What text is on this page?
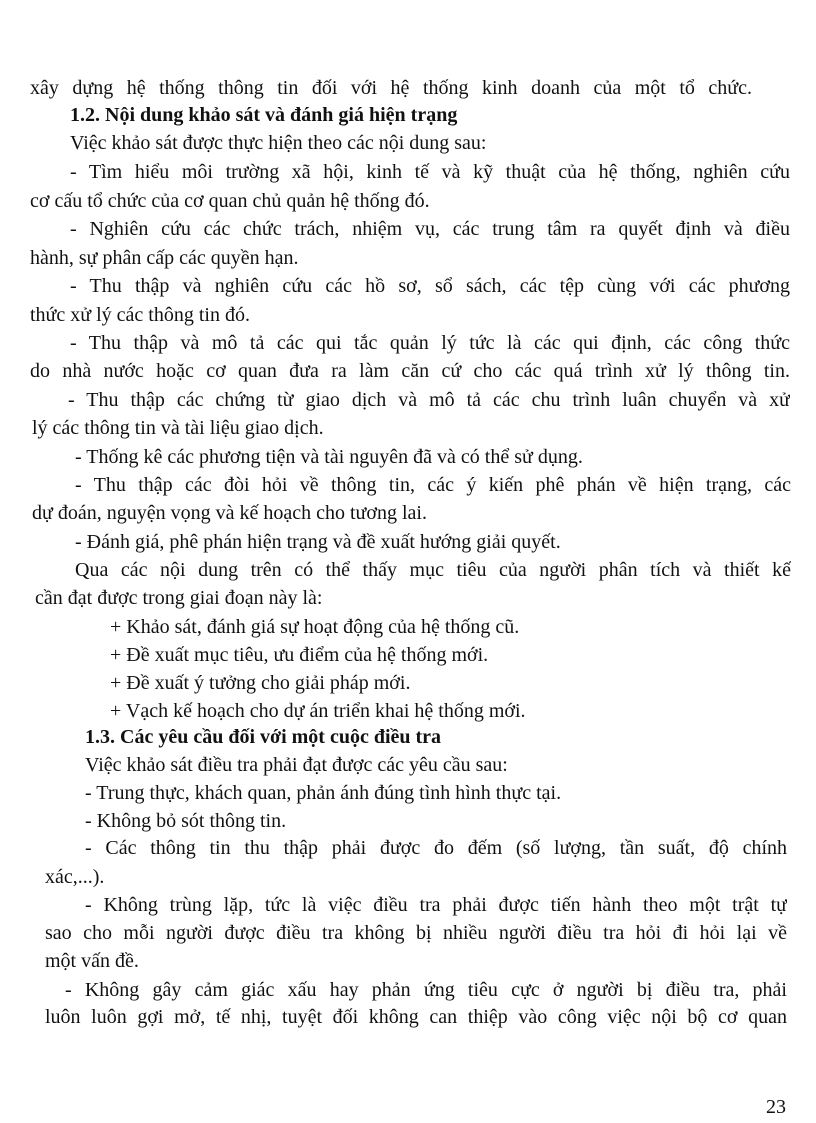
xây dựng hệ thống thông tin đối với hệ thống kinh doanh của một tổ chức.
1.2. Nội dung khảo sát và đánh giá hiện trạng
Việc khảo sát được thực hiện theo các nội dung sau:
- Tìm hiểu môi trường xã hội, kinh tế và kỹ thuật của hệ thống, nghiên cứu
cơ cấu tổ chức của cơ quan chủ quản hệ thống đó.
- Nghiên cứu các chức trách, nhiệm vụ, các trung tâm ra quyết định và điều
hành, sự phân cấp các quyền hạn.
- Thu thập và nghiên cứu các hồ sơ, sổ sách, các tệp cùng với các phương
thức xử lý các thông tin đó.
- Thu thập và mô tả các qui tắc quản lý tức là các qui định, các công thức
do nhà nước hoặc cơ quan đưa ra làm căn cứ cho các quá trình xử lý thông tin.
- Thu thập các chứng từ giao dịch và mô tả các chu trình luân chuyển và xử
lý các thông tin và tài liệu giao dịch.
- Thống kê các phương tiện và tài nguyên đã và có thể sử dụng.
- Thu thập các đòi hỏi về thông tin, các ý kiến phê phán về hiện trạng, các
dự đoán, nguyện vọng và kế hoạch cho tương lai.
- Đánh giá, phê phán hiện trạng và đề xuất hướng giải quyết.
Qua các nội dung trên có thể thấy mục tiêu của người phân tích và thiết kế
cần đạt được trong giai đoạn này là:
+ Khảo sát, đánh giá sự hoạt động của hệ thống cũ.
+ Đề xuất mục tiêu, ưu điểm của hệ thống mới.
+ Đề xuất ý tưởng cho giải pháp mới.
+ Vạch kế hoạch cho dự án triển khai hệ thống mới.
1.3. Các yêu cầu đối với một cuộc điều tra
Việc khảo sát điều tra phải đạt được các yêu cầu sau:
- Trung thực, khách quan, phản ánh đúng tình hình thực tại.
- Không bỏ sót thông tin.
- Các thông tin thu thập phải được đo đếm (số lượng, tần suất, độ chính
xác,...).
- Không trùng lặp, tức là việc điều tra phải được tiến hành theo một trật tự
sao cho mỗi người được điều tra không bị nhiều người điều tra hỏi đi hỏi lại về
một vấn đề.
- Không gây cảm giác xấu hay phản ứng tiêu cực ở người bị điều tra, phải
luôn luôn gợi mở, tế nhị, tuyệt đối không can thiệp vào công việc nội bộ cơ quan
23
